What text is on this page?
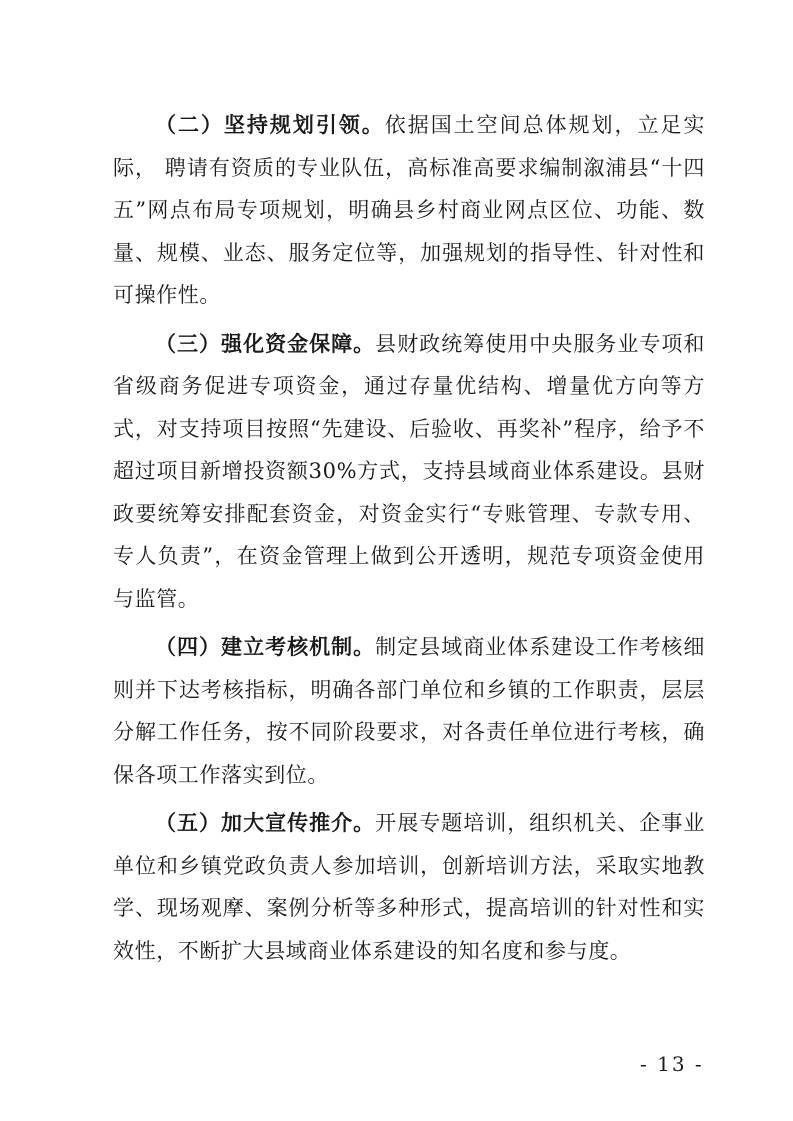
（二）坚持规划引领。依据国土空间总体规划，立足实际， 聘请有资质的专业队伍，高标准高要求编制溆浦县“十四五”网点布局专项规划，明确县乡村商业网点区位、功能、数量、规模、业态、服务定位等，加强规划的指导性、针对性和可操作性。

（三）强化资金保障。县财政统筹使用中央服务业专项和省级商务促进专项资金，通过存量优结构、增量优方向等方式，对支持项目按照“先建设、后验收、再奖补”程序，给予不超过项目新增投资额30%方式，支持县域商业体系建设。县财政要统筹安排配套资金，对资金实行“专账管理、专款专用、专人负责”，在资金管理上做到公开透明，规范专项资金使用与监管。

（四）建立考核机制。制定县域商业体系建设工作考核细则并下达考核指标，明确各部门单位和乡镇的工作职责，层层分解工作任务，按不同阶段要求，对各责任单位进行考核，确保各项工作落实到位。

（五）加大宣传推介。开展专题培训，组织机关、企事业单位和乡镇党政负责人参加培训，创新培训方法，采取实地教学、现场观摩、案例分析等多种形式，提高培训的针对性和实效性，不断扩大县域商业体系建设的知名度和参与度。

- 13 -
